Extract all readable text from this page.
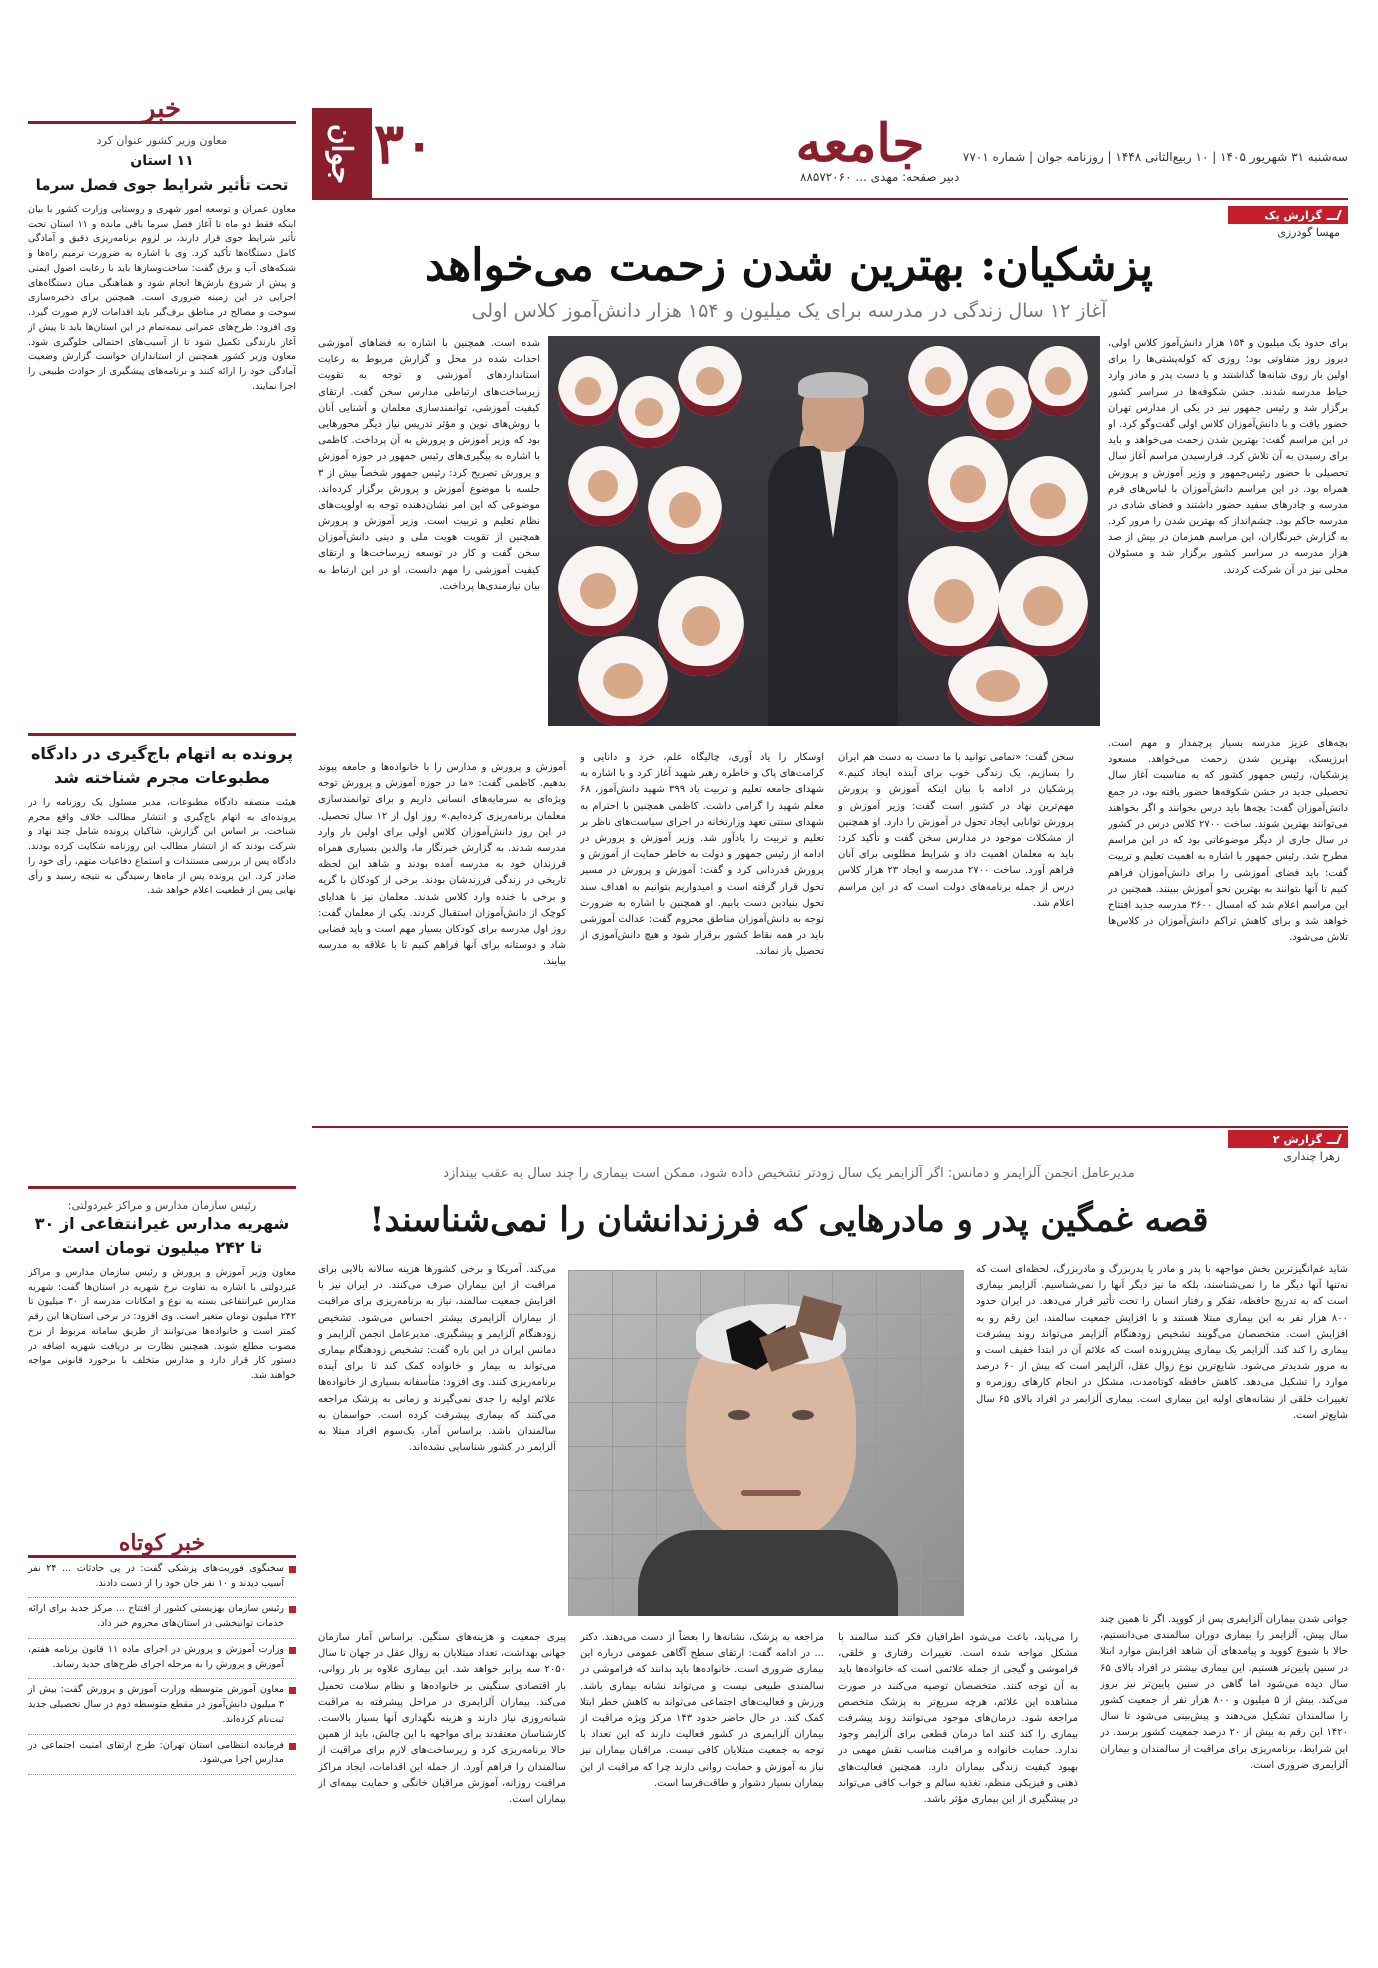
جوان ۳۰	جامعه	سه‌شنبه ۳۱ شهریور ۱۴۰۵ | ۱۰ ربیع‌الثانی ۱۴۴۸ | روزنامه جوان | شماره ۷۷۰۱
دبیر صفحه: مهدی ... ۸۸۵۷۲۰۶۰
خبر
معاون وزیر کشور عنوان کرد
۱۱ استان
تحت تأثیر شرایط جوی فصل سرما
معاون عمران و توسعه امور شهری و روستایی وزارت کشور با بیان اینکه فقط دو ماه تا آغاز فصل سرما باقی مانده و ۱۱ استان تحت تأثیر شرایط جوی قرار دارند، بر لزوم برنامه‌ریزی دقیق و آمادگی کامل دستگاه‌ها تأکید کرد. وی با اشاره به ضرورت ترمیم راه‌ها و شبکه‌های آب و برق گفت: ساخت‌وسازها باید با رعایت اصول ایمنی و پیش از شروع بارش‌ها انجام شود و هماهنگی میان دستگاه‌های اجرایی در این زمینه ضروری است. همچنین برای ذخیره‌سازی سوخت و مصالح در مناطق برف‌گیر باید اقدامات لازم صورت گیرد. وی افزود: طرح‌های عمرانی نیمه‌تمام در این استان‌ها باید تا پیش از آغاز بارندگی تکمیل شود تا از آسیب‌های احتمالی جلوگیری شود. معاون وزیر کشور همچنین از استانداران خواست گزارش وضعیت آمادگی خود را ارائه کنند و برنامه‌های پیشگیری از حوادث طبیعی را اجرا نمایند.
پرونده به اتهام باج‌گیری در دادگاه مطبوعات مجرم شناخته شد
هیئت منصفه دادگاه مطبوعات، مدیر مسئول یک روزنامه را در پرونده‌ای به اتهام باج‌گیری و انتشار مطالب خلاف واقع مجرم شناخت. بر اساس این گزارش، شاکیان پرونده شامل چند نهاد و شرکت بودند که از انتشار مطالب این روزنامه شکایت کرده بودند. دادگاه پس از بررسی مستندات و استماع دفاعیات متهم، رأی خود را صادر کرد. این پرونده پس از ماه‌ها رسیدگی به نتیجه رسید و رأی نهایی پس از قطعیت اعلام خواهد شد.
رئیس سازمان مدارس و مراکز غیردولتی:
شهریه مدارس غیرانتفاعی از ۳۰ تا ۲۴۲ میلیون تومان است
معاون وزیر آموزش و پرورش و رئیس سازمان مدارس و مراکز غیردولتی با اشاره به تفاوت نرخ شهریه در استان‌ها گفت: شهریه مدارس غیرانتفاعی بسته به نوع و امکانات مدرسه از ۳۰ میلیون تا ۲۴۲ میلیون تومان متغیر است. وی افزود: در برخی استان‌ها این رقم کمتر است و خانواده‌ها می‌توانند از طریق سامانه مربوط از نرخ مصوب مطلع شوند. همچنین نظارت بر دریافت شهریه اضافه در دستور کار قرار دارد و مدارس متخلف با برخورد قانونی مواجه خواهند شد.
خبر کوتاه
سخنگوی فوریت‌های پزشکی گفت: در پی حادثات ... ۲۴ نفر آسیب دیدند و ۱۰ نفر جان خود را از دست دادند.
رئیس سازمان بهزیستی کشور از افتتاح ... مرکز جدید برای ارائه خدمات توانبخشی در استان‌های محروم خبر داد.
وزارت آموزش و پرورش در اجرای ماده ۱۱ قانون برنامه هفتم، آموزش و پرورش را به مرحله اجرای طرح‌های جدید رساند.
معاون آموزش متوسطه وزارت آموزش و پرورش گفت: بیش از ۳ میلیون دانش‌آموز در مقطع متوسطه دوم در سال تحصیلی جدید ثبت‌نام کرده‌اند.
فرمانده انتظامی استان تهران: طرح ارتقای امنیت اجتماعی در مدارس اجرا می‌شود.
گزارش یک
مهسا گودرزی
پزشکیان: بهترین شدن زحمت می‌خواهد
آغاز ۱۲ سال زندگی در مدرسه برای یک میلیون و ۱۵۴ هزار دانش‌آموز کلاس اولی
برای حدود یک میلیون و ۱۵۴ هزار دانش‌آموز کلاس اولی، دیروز روز متفاوتی بود؛ روزی که کوله‌پشتی‌ها را برای اولین بار روی شانه‌ها گذاشتند و با دست پدر و مادر وارد حیاط مدرسه شدند. جشن شکوفه‌ها در سراسر کشور برگزار شد و رئیس جمهور نیز در یکی از مدارس تهران حضور یافت و با دانش‌آموزان کلاس اولی گفت‌وگو کرد. او در این مراسم گفت: بهترین شدن زحمت می‌خواهد و باید برای رسیدن به آن تلاش کرد. فرارسیدن مراسم آغاز سال تحصیلی با حضور رئیس‌جمهور و وزیر آموزش و پرورش همراه بود. در این مراسم دانش‌آموزان با لباس‌های فرم مدرسه و چادرهای سفید حضور داشتند و فضای شادی در مدرسه حاکم بود. چشم‌انداز که بهترین شدن را مرور کرد. به گزارش خبرنگاران، این مراسم همزمان در بیش از صد هزار مدرسه در سراسر کشور برگزار شد و مسئولان محلی نیز در آن شرکت کردند.
شده است. همچنین با اشاره به فضاهای آموزشی احداث شده در محل و گزارش مربوط به رعایت استانداردهای آموزشی و توجه به تقویت زیرساخت‌های ارتباطی مدارس سخن گفت. ارتقای کیفیت آموزشی، توانمندسازی معلمان و آشنایی آنان با روش‌های نوین و مؤثر تدریس نیاز دیگر محورهایی بود که وزیر آموزش و پرورش به آن پرداخت. کاظمی با اشاره به پیگیری‌های رئیس جمهور در حوزه آموزش و پرورش تصریح کرد: رئیس جمهور شخصاً بیش از ۳ جلسه با موضوع آموزش و پرورش برگزار کرده‌اند. موضوعی که این امر نشان‌دهنده توجه به اولویت‌های نظام تعلیم و تربیت است. وزیر آموزش و پرورش همچنین از تقویت هویت ملی و دینی دانش‌آموزان سخن گفت و کار در توسعه زیرساخت‌ها و ارتقای کیفیت آموزشی را مهم دانست. او در این ارتباط به بیان نیازمندی‌ها پرداخت.
بچه‌های عزیز مدرسه بسیار پرچمدار و مهم است. ابرزیسک، بهترین شدن زحمت می‌خواهد. مسعود پزشکیان، رئیس جمهور کشور که به مناسبت آغاز سال تحصیلی جدید در جشن شکوفه‌ها حضور یافته بود، در جمع دانش‌آموزان گفت: بچه‌ها باید درس بخوانند و اگر بخواهند می‌توانند بهترین شوند. ساخت ۲۷۰۰ کلاس درس در کشور در سال جاری از دیگر موضوعاتی بود که در این مراسم مطرح شد. رئیس جمهور با اشاره به اهمیت تعلیم و تربیت گفت: باید فضای آموزشی را برای دانش‌آموزان فراهم کنیم تا آنها بتوانند به بهترین نحو آموزش ببینند. همچنین در این مراسم اعلام شد که امسال ۳۶۰۰ مدرسه جدید افتتاح خواهد شد و برای کاهش تراکم دانش‌آموزان در کلاس‌ها تلاش می‌شود.
سخن گفت: «تمامی توانید با ما دست به دست هم ایران را بسازیم. یک زندگی خوب برای آینده ایجاد کنیم.» پزشکیان در ادامه با بیان اینکه آموزش و پرورش مهم‌ترین نهاد در کشور است گفت: وزیر آموزش و پرورش توانایی ایجاد تحول در آموزش را دارد. او همچنین از مشکلات موجود در مدارس سخن گفت و تأکید کرد: باید به معلمان اهمیت داد و شرایط مطلوبی برای آنان فراهم آورد. ساخت ۲۷۰۰ مدرسه و ایجاد ۲۳ هزار کلاس درس از جمله برنامه‌های دولت است که در این مراسم اعلام شد.
اوسکار را یاد آوری، چالیگاه علم، خرد و دانایی و کرامت‌های پاک و خاطره رهبر شهید آغاز کرد و با اشاره به شهدای جامعه تعلیم و تربیت یاد ۳۹۹ شهید دانش‌آموز، ۶۸ معلم شهید را گرامی داشت. کاظمی همچنین با احترام به شهدای سنتی تعهد وزارتخانه در اجرای سیاست‌های ناظر بر تعلیم و تربیت را یادآور شد. وزیر آموزش و پرورش در ادامه از رئیس جمهور و دولت به خاطر حمایت از آموزش و پرورش قدردانی کرد و گفت: آموزش و پرورش در مسیر تحول قرار گرفته است و امیدواریم بتوانیم به اهداف سند تحول بنیادین دست یابیم. او همچنین با اشاره به ضرورت توجه به دانش‌آموزان مناطق محروم گفت: عدالت آموزشی باید در همه نقاط کشور برقرار شود و هیچ دانش‌آموزی از تحصیل باز نماند.
آموزش و پرورش و مدارس را با خانواده‌ها و جامعه پیوند بدهیم. کاظمی گفت: «ما در حوزه آموزش و پرورش توجه ویژه‌ای به سرمایه‌های انسانی داریم و برای توانمندسازی معلمان برنامه‌ریزی کرده‌ایم.» روز اول از ۱۲ سال تحصیل. در این روز دانش‌آموزان کلاس اولی برای اولین بار وارد مدرسه شدند. به گزارش خبرنگار ما، والدین بسیاری همراه فرزندان خود به مدرسه آمده بودند و شاهد این لحظه تاریخی در زندگی فرزندشان بودند. برخی از کودکان با گریه و برخی با خنده وارد کلاس شدند. معلمان نیز با هدایای کوچک از دانش‌آموزان استقبال کردند. یکی از معلمان گفت: روز اول مدرسه برای کودکان بسیار مهم است و باید فضایی شاد و دوستانه برای آنها فراهم کنیم تا با علاقه به مدرسه بیایند.
گزارش ۲
زهرا چنداری
مدیرعامل انجمن آلزایمر و دمانس: اگر آلزایمر یک سال زودتر تشخیص داده شود، ممکن است بیماری را چند سال به عقب بیندازد
قصه غمگین پدر و مادرهایی که فرزندانشان را نمی‌شناسند!
شاید غم‌انگیزترین بخش مواجهه با پدر و مادر یا پدربزرگ و مادربزرگ، لحظه‌ای است که نه‌تنها آنها دیگر ما را نمی‌شناسند، بلکه ما نیز دیگر آنها را نمی‌شناسیم. آلزایمر بیماری است که به تدریج حافظه، تفکر و رفتار انسان را تحت تأثیر قرار می‌دهد. در ایران حدود ۸۰۰ هزار نفر به این بیماری مبتلا هستند و با افزایش جمعیت سالمند، این رقم رو به افزایش است. متخصصان می‌گویند تشخیص زودهنگام آلزایمر می‌تواند روند پیشرفت بیماری را کند کند. آلزایمر یک بیماری پیش‌رونده است که علائم آن در ابتدا خفیف است و به مرور شدیدتر می‌شود. شایع‌ترین نوع زوال عقل، آلزایمر است که بیش از ۶۰ درصد موارد را تشکیل می‌دهد. کاهش حافظه کوتاه‌مدت، مشکل در انجام کارهای روزمره و تغییرات خلقی از نشانه‌های اولیه این بیماری است. بیماری آلزایمر در افراد بالای ۶۵ سال شایع‌تر است.
می‌کند. آمریکا و برخی کشورها هزینه سالانه بالایی برای مراقبت از این بیماران صرف می‌کنند. در ایران نیز با افزایش جمعیت سالمند، نیاز به برنامه‌ریزی برای مراقبت از بیماران آلزایمری بیشتر احساس می‌شود. تشخیص زودهنگام آلزایمر و پیشگیری. مدیرعامل انجمن آلزایمر و دمانس ایران در این باره گفت: تشخیص زودهنگام بیماری می‌تواند به بیمار و خانواده کمک کند تا برای آینده برنامه‌ریزی کنند. وی افزود: متأسفانه بسیاری از خانواده‌ها علائم اولیه را جدی نمی‌گیرند و زمانی به پزشک مراجعه می‌کنند که بیماری پیشرفت کرده است. حواسمان به سالمندان باشد. براساس آمار، یک‌سوم افراد مبتلا به آلزایمر در کشور شناسایی نشده‌اند.
جوانی شدن بیماران آلزایمری پس از کووید. اگر تا همین چند سال پیش، آلزایمر را بیماری دوران سالمندی می‌دانستیم، حالا با شیوع کووید و پیامدهای آن شاهد افزایش موارد ابتلا در سنین پایین‌تر هستیم. این بیماری بیشتر در افراد بالای ۶۵ سال دیده می‌شود اما گاهی در سنین پایین‌تر نیز بروز می‌کند. بیش از ۵ میلیون و ۸۰۰ هزار نفر از جمعیت کشور را سالمندان تشکیل می‌دهند و پیش‌بینی می‌شود تا سال ۱۴۲۰ این رقم به بیش از ۲۰ درصد جمعیت کشور برسد. در این شرایط، برنامه‌ریزی برای مراقبت از سالمندان و بیماران آلزایمری ضروری است.
را می‌یابد، باعث می‌شود اطرافیان فکر کنند سالمند با مشکل مواجه شده است. تغییرات رفتاری و خلقی، فراموشی و گیجی از جمله علائمی است که خانواده‌ها باید به آن توجه کنند. متخصصان توصیه می‌کنند در صورت مشاهده این علائم، هرچه سریع‌تر به پزشک متخصص مراجعه شود. درمان‌های موجود می‌توانند روند پیشرفت بیماری را کند کنند اما درمان قطعی برای آلزایمر وجود ندارد. حمایت خانواده و مراقبت مناسب نقش مهمی در بهبود کیفیت زندگی بیماران دارد. همچنین فعالیت‌های ذهنی و فیزیکی منظم، تغذیه سالم و خواب کافی می‌تواند در پیشگیری از این بیماری مؤثر باشد.
مراجعه به پزشک، نشانه‌ها را بعضاً از دست می‌دهند. دکتر ... در ادامه گفت: ارتقای سطح آگاهی عمومی درباره این بیماری ضروری است. خانواده‌ها باید بدانند که فراموشی در سالمندی طبیعی نیست و می‌تواند نشانه بیماری باشد. ورزش و فعالیت‌های اجتماعی می‌تواند به کاهش خطر ابتلا کمک کند. در حال حاضر حدود ۱۴۳ مرکز ویژه مراقبت از بیماران آلزایمری در کشور فعالیت دارند که این تعداد با توجه به جمعیت مبتلایان کافی نیست. مراقبان بیماران نیز نیاز به آموزش و حمایت روانی دارند چرا که مراقبت از این بیماران بسیار دشوار و طاقت‌فرسا است.
پیری جمعیت و هزینه‌های سنگین. براساس آمار سازمان جهانی بهداشت، تعداد مبتلایان به زوال عقل در جهان تا سال ۲۰۵۰ سه برابر خواهد شد. این بیماری علاوه بر بار روانی، بار اقتصادی سنگینی بر خانواده‌ها و نظام سلامت تحمیل می‌کند. بیماران آلزایمری در مراحل پیشرفته به مراقبت شبانه‌روزی نیاز دارند و هزینه نگهداری آنها بسیار بالاست. کارشناسان معتقدند برای مواجهه با این چالش، باید از همین حالا برنامه‌ریزی کرد و زیرساخت‌های لازم برای مراقبت از سالمندان را فراهم آورد. از جمله این اقدامات، ایجاد مراکز مراقبت روزانه، آموزش مراقبان خانگی و حمایت بیمه‌ای از بیماران است.
